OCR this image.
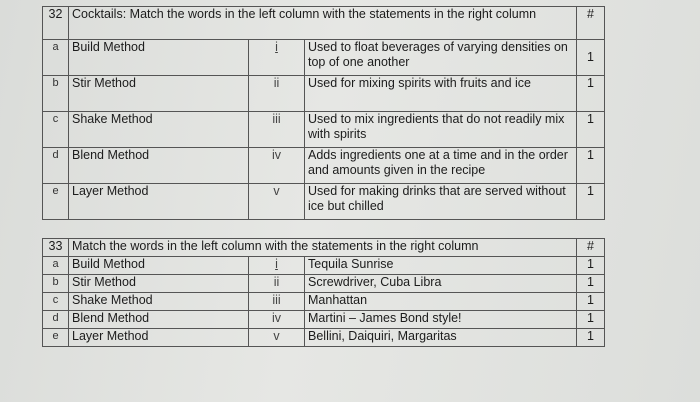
32	Cocktails: Match the words in the left column with the statements in the right column			#
a	Build Method	i	Used to float beverages of varying densities on top of one another	1
b	Stir Method	ii	Used for mixing spirits with fruits and ice	1
c	Shake Method	iii	Used to mix ingredients that do not readily mix with spirits	1
d	Blend Method	iv	Adds ingredients one at a time and in the order and amounts given in the recipe	1
e	Layer Method	v	Used for making drinks that are served without ice but chilled	1
33	Match the words in the left column with the statements in the right column			#
a	Build Method	i	Tequila Sunrise	1
b	Stir Method	ii	Screwdriver, Cuba Libra	1
c	Shake Method	iii	Manhattan	1
d	Blend Method	iv	Martini – James Bond style!	1
e	Layer Method	v	Bellini, Daiquiri, Margaritas	1
